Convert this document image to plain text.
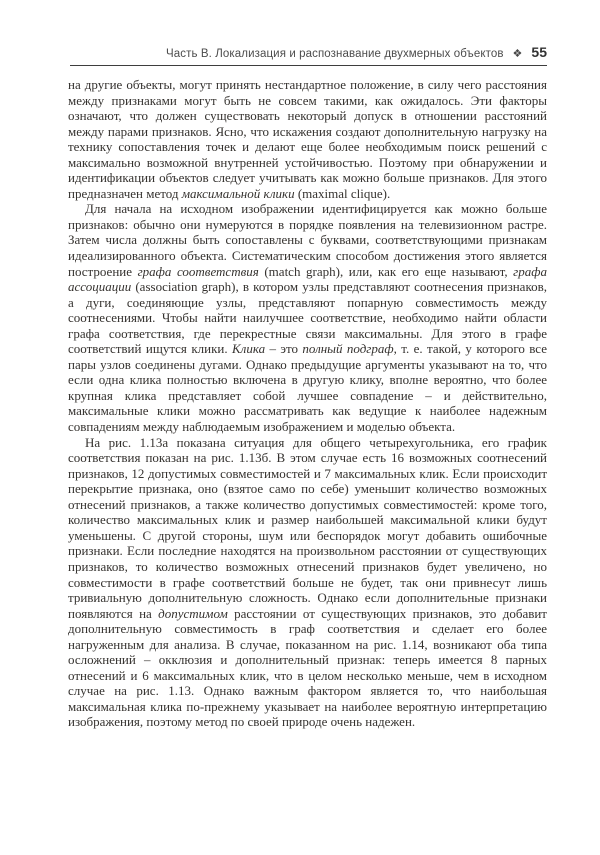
Часть В. Локализация и распознавание двухмерных объектов ❖ 55

на другие объекты, могут принять нестандартное положение, в силу чего расстояния между признаками могут быть не совсем такими, как ожидалось. Эти факторы означают, что должен существовать некоторый допуск в отношении расстояний между парами признаков. Ясно, что искажения создают дополнительную нагрузку на технику сопоставления точек и делают еще более необходимым поиск решений с максимально возможной внутренней устойчивостью. Поэтому при обнаружении и идентификации объектов следует учитывать как можно больше признаков. Для этого предназначен метод максимальной клики (maximal clique).

Для начала на исходном изображении идентифицируется как можно больше признаков: обычно они нумеруются в порядке появления на телевизионном растре. Затем числа должны быть сопоставлены с буквами, соответствующими признакам идеализированного объекта. Систематическим способом достижения этого является построение графа соответствия (match graph), или, как его еще называют, графа ассоциации (association graph), в котором узлы представляют соотнесения признаков, а дуги, соединяющие узлы, представляют попарную совместимость между соотнесениями. Чтобы найти наилучшее соответствие, необходимо найти области графа соответствия, где перекрестные связи максимальны. Для этого в графе соответствий ищутся клики. Клика – это полный подграф, т. е. такой, у которого все пары узлов соединены дугами. Однако предыдущие аргументы указывают на то, что если одна клика полностью включена в другую клику, вполне вероятно, что более крупная клика представляет собой лучшее совпадение – и действительно, максимальные клики можно рассматривать как ведущие к наиболее надежным совпадениям между наблюдаемым изображением и моделью объекта.

На рис. 1.13а показана ситуация для общего четырехугольника, его график соответствия показан на рис. 1.13б. В этом случае есть 16 возможных соотнесений признаков, 12 допустимых совместимостей и 7 максимальных клик. Если происходит перекрытие признака, оно (взятое само по себе) уменьшит количество возможных отнесений признаков, а также количество допустимых совместимостей: кроме того, количество максимальных клик и размер наибольшей максимальной клики будут уменьшены. С другой стороны, шум или беспорядок могут добавить ошибочные признаки. Если последние находятся на произвольном расстоянии от существующих признаков, то количество возможных отнесений признаков будет увеличено, но совместимости в графе соответствий больше не будет, так они привнесут лишь тривиальную дополнительную сложность. Однако если дополнительные признаки появляются на допустимом расстоянии от существующих признаков, это добавит дополнительную совместимость в граф соответствия и сделает его более нагруженным для анализа. В случае, показанном на рис. 1.14, возникают оба типа осложнений – окклюзия и дополнительный признак: теперь имеется 8 парных отнесений и 6 максимальных клик, что в целом несколько меньше, чем в исходном случае на рис. 1.13. Однако важным фактором является то, что наибольшая максимальная клика по-прежнему указывает на наиболее вероятную интерпретацию изображения, поэтому метод по своей природе очень надежен.
